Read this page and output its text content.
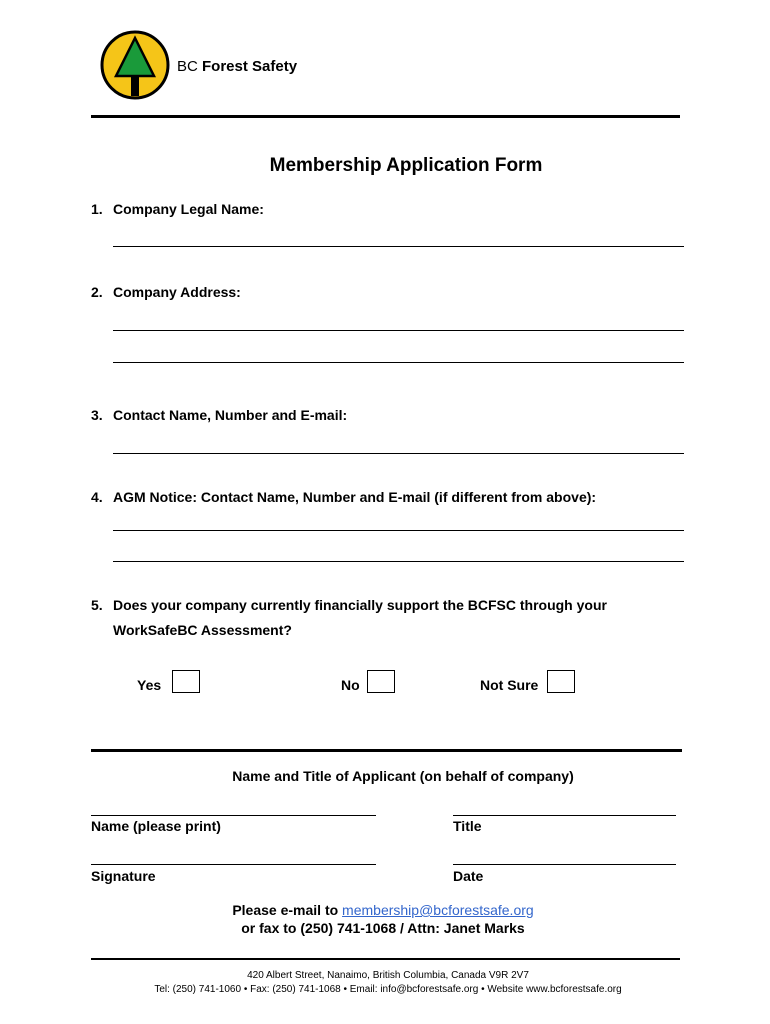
BC Forest Safety
Membership Application Form
1. Company Legal Name:
2. Company Address:
3. Contact Name, Number and E-mail:
4. AGM Notice: Contact Name, Number and E-mail (if different from above):
5. Does your company currently financially support the BCFSC through your
WorkSafeBC Assessment?
Yes	No	Not Sure
Name and Title of Applicant (on behalf of company)
Name (please print)	Title
Signature	Date
Please e-mail to membership@bcforestsafe.org
or fax to (250) 741-1068 / Attn: Janet Marks
420 Albert Street, Nanaimo, British Columbia, Canada V9R 2V7
Tel: (250) 741-1060 • Fax: (250) 741-1068 • Email: info@bcforestsafe.org • Website www.bcforestsafe.org
